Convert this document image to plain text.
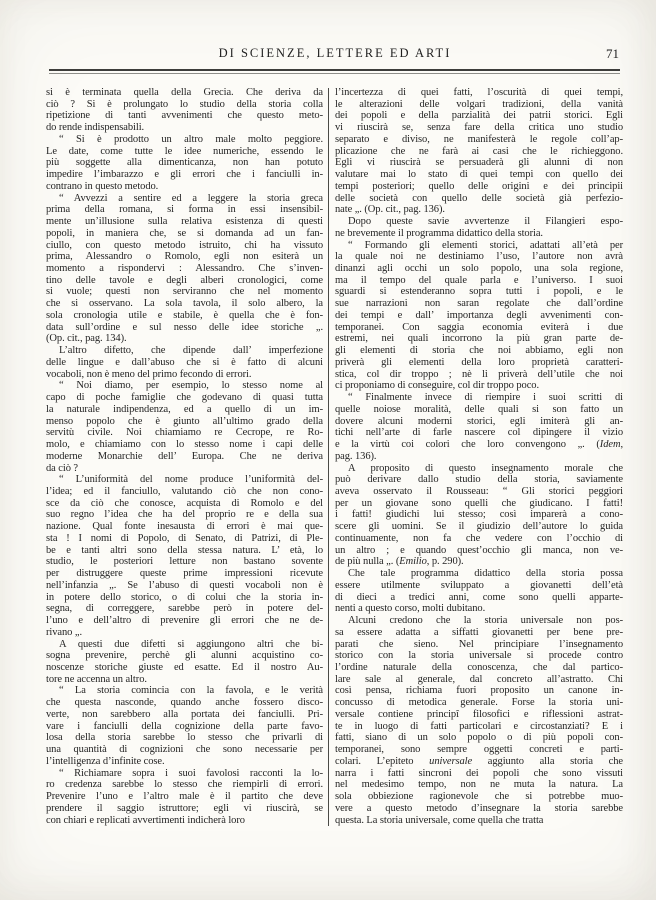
DI SCIENZE, LETTERE ED ARTI	71
si è terminata quella della Grecia. Che deriva da
ciò ? Si è prolungato lo studio della storia colla
ripetizione di tanti avvenimenti che questo meto-
do rende indispensabili.
“ Si è prodotto un altro male molto peggiore.
Le date, come tutte le idee numeriche, essendo le
più soggette alla dimenticanza, non han potuto
impedire l’imbarazzo e gli errori che i fanciulli in-
contrano in questo metodo.
“ Avvezzi a sentire ed a leggere la storia greca
prima della romana, si forma in essi insensibil-
mente un’illusione sulla relativa esistenza di questi
popoli, in maniera che, se si domanda ad un fan-
ciullo, con questo metodo istruito, chi ha vissuto
prima, Alessandro o Romolo, egli non esiterà un
momento a rispondervi : Alessandro. Che s’inven-
tino delle tavole e degli alberi cronologici, come
si vuole; questi non serviranno che nel momento
che si osservano. La sola tavola, il solo albero, la
sola cronologia utile e stabile, è quella che è fon-
data sull’ordine e sul nesso delle idee storiche „.
(Op. cit., pag. 134).
L’altro difetto, che dipende dall’ imperfezione
delle lingue e dall’abuso che si è fatto di alcuni
vocaboli, non è meno del primo fecondo di errori.
“ Noi diamo, per esempio, lo stesso nome al
capo di poche famiglie che godevano di quasi tutta
la naturale indipendenza, ed a quello di un im-
menso popolo che è giunto all’ultimo grado della
servitù civile. Noi chiamiamo re Cecrope, re Ro-
molo, e chiamiamo con lo stesso nome i capi delle
moderne Monarchie dell’ Europa. Che ne deriva
da ciò ?
“ L’uniformità del nome produce l’uniformità del-
l’idea; ed il fanciullo, valutando ciò che non cono-
sce da ciò che conosce, acquista di Romolo e del
suo regno l’idea che ha del proprio re e della sua
nazione. Qual fonte inesausta di errori è mai que-
sta ! I nomi di Popolo, di Senato, di Patrizi, di Ple-
be e tanti altri sono della stessa natura. L’ età, lo
studio, le posteriori letture non bastano sovente
per distruggere queste prime impressioni ricevute
nell’infanzia „. Se l’abuso di questi vocaboli non è
in potere dello storico, o di colui che la storia in-
segna, di correggere, sarebbe però in potere del-
l’uno e dell’altro di prevenire gli errori che ne de-
rivano „.
A questi due difetti si aggiungono altri che bi-
sogna prevenire, perchè gli alunni acquistino co-
noscenze storiche giuste ed esatte. Ed il nostro Au-
tore ne accenna un altro.
“ La storia comincia con la favola, e le verità
che questa nasconde, quando anche fossero disco-
verte, non sarebbero alla portata dei fanciulli. Pri-
vare i fanciulli della cognizione della parte favo-
losa della storia sarebbe lo stesso che privarli di
una quantità di cognizioni che sono necessarie per
l’intelligenza d’infinite cose.
“ Richiamare sopra i suoi favolosi racconti la lo-
ro credenza sarebbe lo stesso che riempirli di errori.
Prevenire l’uno e l’altro male è il partito che deve
prendere il saggio istruttore; egli vi riuscirà, se
con chiari e replicati avvertimenti indicherà loro
l’incertezza di quei fatti, l’oscurità di quei tempi,
le alterazioni delle volgari tradizioni, della vanità
dei popoli e della parzialità dei patrii storici. Egli
vi riuscirà se, senza fare della critica uno studio
separato e diviso, ne manifesterà le regole coll’ap-
plicazione che ne farà ai casi che le richieggono.
Egli vi riuscirà se persuaderà gli alunni di non
valutare mai lo stato di quei tempi con quello dei
tempi posteriori; quello delle origini e dei principii
delle società con quello delle società già perfezio-
nate „. (Op. cit., pag. 136).
Dopo queste savie avvertenze il Filangieri espo-
ne brevemente il programma didattico della storia.
“ Formando gli elementi storici, adattati all’età per
la quale noi ne destiniamo l’uso, l’autore non avrà
dinanzi agli occhi un solo popolo, una sola regione,
ma il tempo del quale parla e l’universo. I suoi
sguardi si estenderanno sopra tutti i popoli, e le
sue narrazioni non saran regolate che dall’ordine
dei tempi e dall’ importanza degli avvenimenti con-
temporanei. Con saggia economia eviterà i due
estremi, nei quali incorrono la più gran parte de-
gli elementi di storia che noi abbiamo, egli non
priverà gli elementi della loro proprietà caratteri-
stica, col dir troppo ; nè li priverà dell’utile che noi
ci proponiamo di conseguire, col dir troppo poco.
“ Finalmente invece di riempire i suoi scritti di
quelle noiose moralità, delle quali si son fatto un
dovere alcuni moderni storici, egli imiterà gli an-
tichi nell’arte di farle nascere col dipingere il vizio
e la virtù coi colori che loro convengono „. (Idem,
pag. 136).
A proposito di questo insegnamento morale che
può derivare dallo studio della storia, saviamente
aveva osservato il Rousseau: “ Gli storici peggiori
per un giovane sono quelli che giudicano. I fatti!
i fatti! giudichi lui stesso; così imparerà a cono-
scere gli uomini. Se il giudizio dell’autore lo guida
continuamente, non fa che vedere con l’occhio di
un altro ; e quando quest’occhio gli manca, non ve-
de più nulla „. (Emilio, p. 290).
Che tale programma didattico della storia possa
essere utilmente sviluppato a giovanetti dell’età
di dieci a tredici anni, come sono quelli apparte-
nenti a questo corso, molti dubitano.
Alcuni credono che la storia universale non pos-
sa essere adatta a siffatti giovanetti per bene pre-
parati che sieno. Nel principiare l’insegnamento
storico con la storia universale si procede contro
l’ordine naturale della conoscenza, che dal partico-
lare sale al generale, dal concreto all’astratto. Chi
così pensa, richiama fuori proposito un canone in-
concusso di metodica generale. Forse la storia uni-
versale contiene principî filosofici e riflessioni astrat-
te in luogo di fatti particolari e circostanziati? E i
fatti, siano di un solo popolo o di più popoli con-
temporanei, sono sempre oggetti concreti e parti-
colari. L’epiteto universale aggiunto alla storia che
narra i fatti sincroni dei popoli che sono vissuti
nel medesimo tempo, non ne muta la natura. La
sola obbiezione ragionevole che si potrebbe muo-
vere a questo metodo d’insegnare la storia sarebbe
questa. La storia universale, come quella che tratta
